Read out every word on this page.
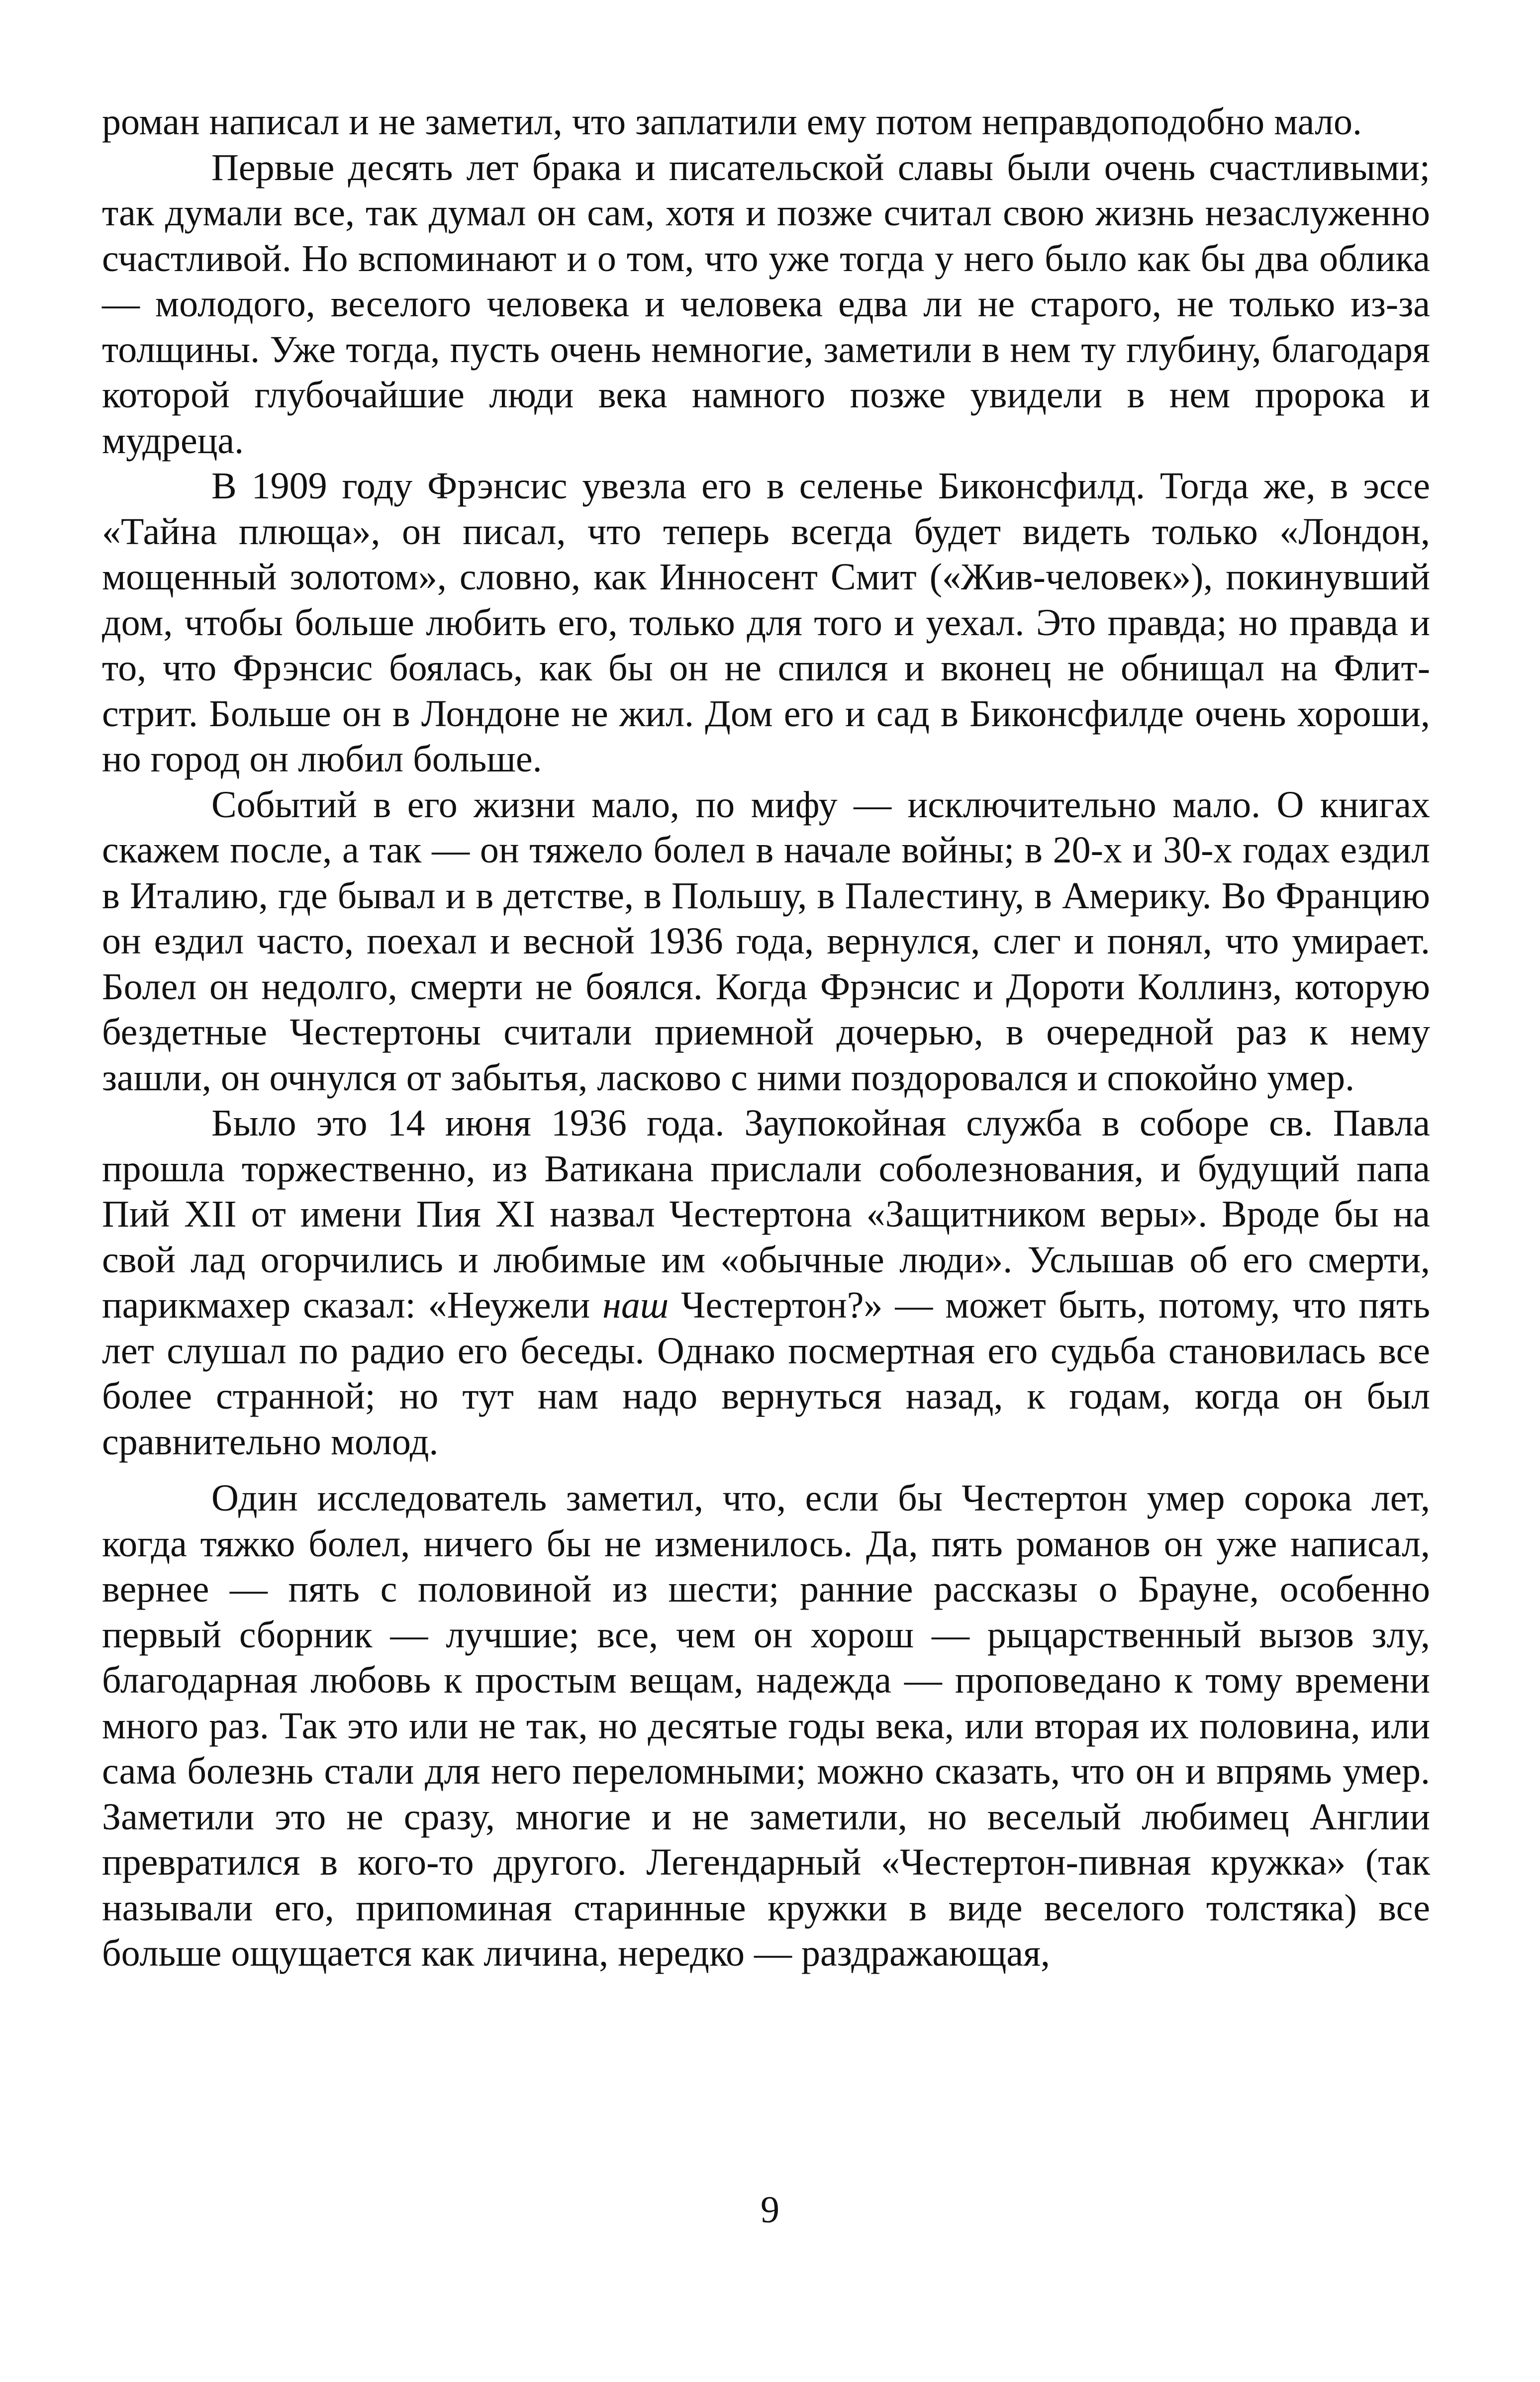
роман написал и не заметил, что заплатили ему потом неправдоподобно мало.

Первые десять лет брака и писательской славы были очень счастливыми; так думали все, так думал он сам, хотя и позже считал свою жизнь незаслуженно счастливой. Но вспоминают и о том, что уже тогда у него было как бы два облика — молодого, веселого человека и человека едва ли не старого, не только из-за толщины. Уже тогда, пусть очень немногие, заметили в нем ту глубину, благодаря которой глубочайшие люди века намного позже увидели в нем пророка и мудреца.

В 1909 году Фрэнсис увезла его в селенье Биконсфилд. Тогда же, в эссе «Тайна плюща», он писал, что теперь всегда будет видеть только «Лондон, мощенный золотом», словно, как Инносент Смит («Жив-человек»), покинувший дом, чтобы больше любить его, только для того и уехал. Это правда; но правда и то, что Фрэнсис боялась, как бы он не спился и вконец не обнищал на Флит-стрит. Больше он в Лондоне не жил. Дом его и сад в Биконсфилде очень хороши, но город он любил больше.

Событий в его жизни мало, по мифу — исключительно мало. О книгах скажем после, а так — он тяжело болел в начале войны; в 20-х и 30-х годах ездил в Италию, где бывал и в детстве, в Польшу, в Палестину, в Америку. Во Францию он ездил часто, поехал и весной 1936 года, вернулся, слег и понял, что умирает. Болел он недолго, смерти не боялся. Когда Фрэнсис и Дороти Коллинз, которую бездетные Честертоны считали приемной дочерью, в очередной раз к нему зашли, он очнулся от забытья, ласково с ними поздоровался и спокойно умер.

Было это 14 июня 1936 года. Заупокойная служба в соборе св. Павла прошла торжественно, из Ватикана прислали соболезнования, и будущий папа Пий XII от имени Пия XI назвал Честертона «Защитником веры». Вроде бы на свой лад огорчились и любимые им «обычные люди». Услышав об его смерти, парикмахер сказал: «Неужели наш Честертон?» — может быть, потому, что пять лет слушал по радио его беседы. Однако посмертная его судьба становилась все более странной; но тут нам надо вернуться назад, к годам, когда он был сравнительно молод.

Один исследователь заметил, что, если бы Честертон умер сорока лет, когда тяжко болел, ничего бы не изменилось. Да, пять романов он уже написал, вернее — пять с половиной из шести; ранние рассказы о Брауне, особенно первый сборник — лучшие; все, чем он хорош — рыцарственный вызов злу, благодарная любовь к простым вещам, надежда — проповедано к тому времени много раз. Так это или не так, но десятые годы века, или вторая их половина, или сама болезнь стали для него переломными; можно сказать, что он и впрямь умер. Заметили это не сразу, многие и не заметили, но веселый любимец Англии превратился в кого-то другого. Легендарный «Честертон-пивная кружка» (так называли его, припоминая старинные кружки в виде веселого толстяка) все больше ощущается как личина, нередко — раздражающая,

9
